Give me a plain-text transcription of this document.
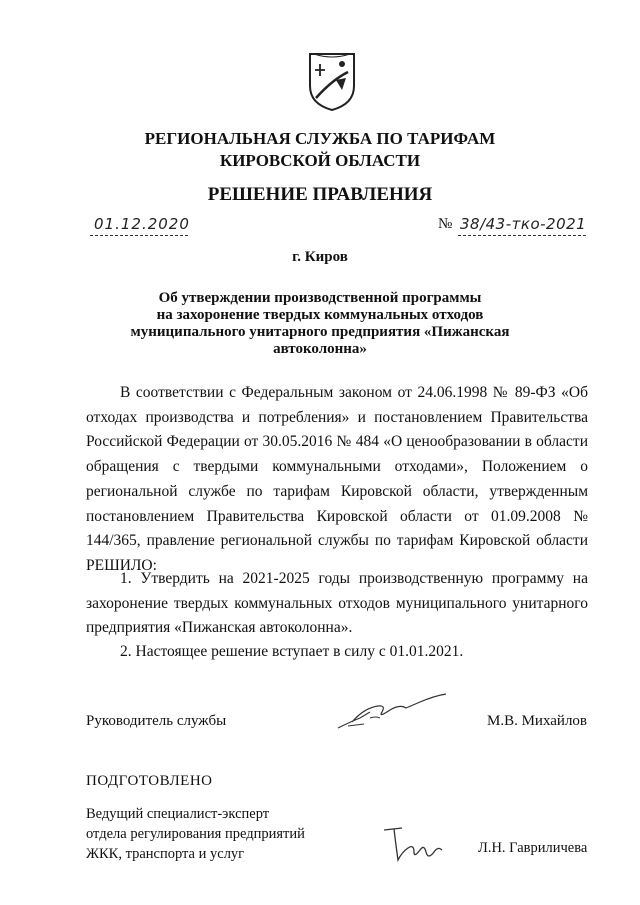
РЕГИОНАЛЬНАЯ СЛУЖБА ПО ТАРИФАМ
КИРОВСКОЙ ОБЛАСТИ
РЕШЕНИЕ ПРАВЛЕНИЯ
01.12.2020	№ 38/43-тко-2021
г. Киров
Об утверждении производственной программы
на захоронение твердых коммунальных отходов
муниципального унитарного предприятия «Пижанская
автоколонна»
В соответствии с Федеральным законом от 24.06.1998 № 89-ФЗ «Об отходах производства и потребления» и постановлением Правительства Российской Федерации от 30.05.2016 № 484 «О ценообразовании в области обращения с твердыми коммунальными отходами», Положением о региональной службе по тарифам Кировской области, утвержденным постановлением Правительства Кировской области от 01.09.2008 № 144/365, правление региональной службы по тарифам Кировской области РЕШИЛО:
1. Утвердить на 2021-2025 годы производственную программу на захоронение твердых коммунальных отходов муниципального унитарного предприятия «Пижанская автоколонна».
2. Настоящее решение вступает в силу с 01.01.2021.
Руководитель службы	М.В. Михайлов
ПОДГОТОВЛЕНО
Ведущий специалист-эксперт
отдела регулирования предприятий
ЖКК, транспорта и услуг	Л.Н. Гавриличева
